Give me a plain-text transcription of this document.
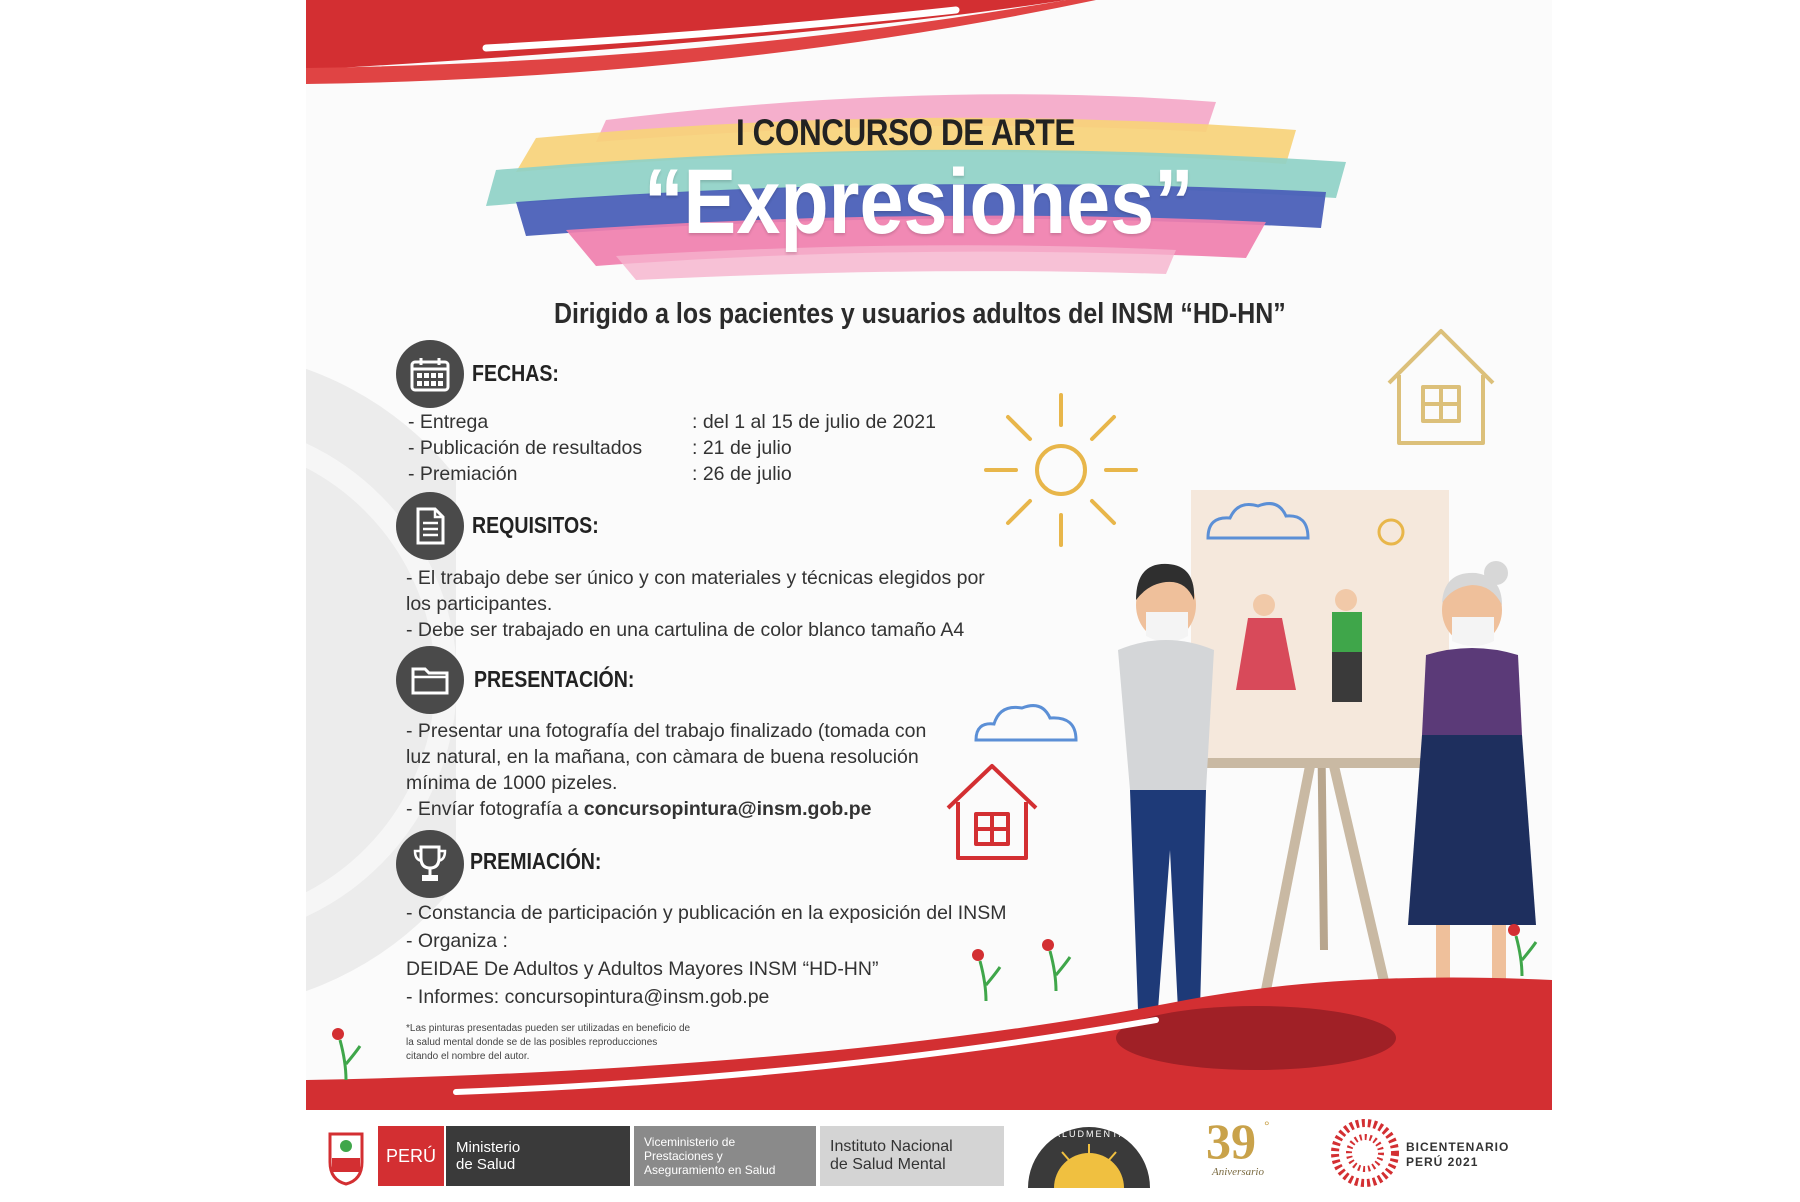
I CONCURSO DE ARTE
“Expresiones”
Dirigido a los pacientes y usuarios adultos del INSM “HD-HN”
FECHAS:
- Entrega	: del 1 al 15 de julio de 2021
- Publicación de resultados	: 21 de julio
- Premiación	: 26 de julio
REQUISITOS:
- El trabajo debe ser único y con materiales y técnicas elegidos por
los participantes.
- Debe ser trabajado en una cartulina de color blanco tamaño A4
PRESENTACIÓN:
- Presentar una fotografía del trabajo finalizado (tomada con
luz natural, en la mañana, con càmara de buena resolución
mínima de 1000 pizeles.
- Envíar fotografía a concursopintura@insm.gob.pe
PREMIACIÓN:
- Constancia de participación y publicación en la exposición del INSM
- Organiza :
DEIDAE De Adultos y Adultos Mayores INSM “HD-HN”
- Informes: concursopintura@insm.gob.pe
*Las pinturas presentadas pueden ser utilizadas en beneficio de
la salud mental donde se de las posibles reproducciones
citando el nombre del autor.
PERÚ Ministerio
de Salud
Viceministerio de
Prestaciones y
Aseguramiento en Salud
Instituto Nacional
de Salud Mental
SALUDMENTAL 39 °
Aniversario
BICENTENARIO
PERÚ 2021
